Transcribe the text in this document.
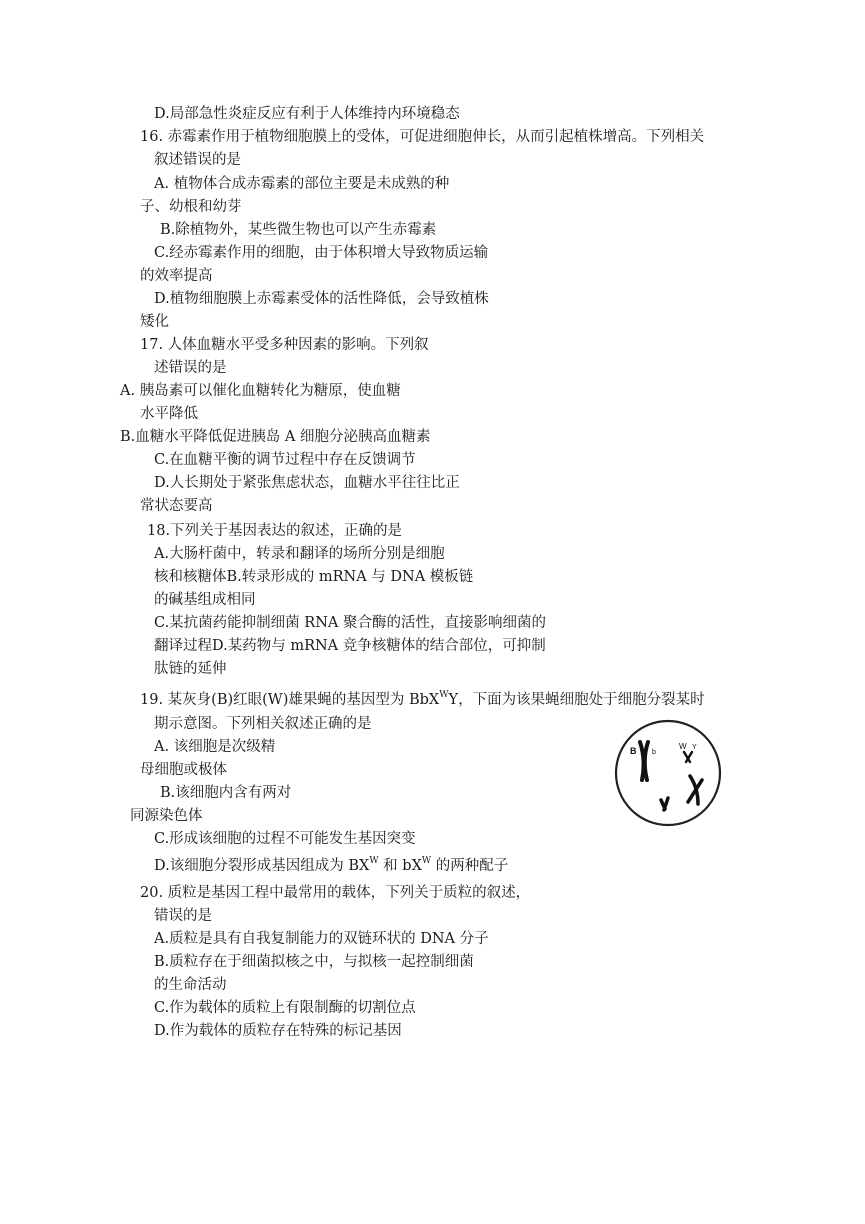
D.局部急性炎症反应有利于人体维持内环境稳态
16. 赤霉素作用于植物细胞膜上的受体，可促进细胞伸长，从而引起植株增高。下列相关
叙述错误的是
A. 植物体合成赤霉素的部位主要是未成熟的种
子、幼根和幼芽
B.除植物外，某些微生物也可以产生赤霉素
C.经赤霉素作用的细胞，由于体积增大导致物质运输
的效率提高
D.植物细胞膜上赤霉素受体的活性降低，会导致植株
矮化
17. 人体血糖水平受多种因素的影响。下列叙
述错误的是
A. 胰岛素可以催化血糖转化为糖原，使血糖
水平降低
B.血糖水平降低促进胰岛 A 细胞分泌胰高血糖素
C.在血糖平衡的调节过程中存在反馈调节
D.人长期处于紧张焦虑状态，血糖水平往往比正
常状态要高
18.下列关于基因表达的叙述，正确的是
A.大肠杆菌中，转录和翻译的场所分别是细胞
核和核糖体B.转录形成的 mRNA 与 DNA 模板链
的碱基组成相同
C.某抗菌药能抑制细菌 RNA 聚合酶的活性，直接影响细菌的
翻译过程D.某药物与 mRNA 竞争核糖体的结合部位，可抑制
肽链的延伸
19. 某灰身(B)红眼(W)雄果蝇的基因型为 BbX$^W$Y，下面为该果蝇细胞处于细胞分裂某时
期示意图。下列相关叙述正确的是
A. 该细胞是次级精
母细胞或极体
B.该细胞内含有两对
同源染色体
C.形成该细胞的过程不可能发生基因突变
D.该细胞分裂形成基因组成为 $BX^W$ 和 $bX^W$ 的两种配子
B b
W Y
20. 质粒是基因工程中最常用的载体，下列关于质粒的叙述，
错误的是
A.质粒是具有自我复制能力的双链环状的 DNA 分子
B.质粒存在于细菌拟核之中，与拟核一起控制细菌
的生命活动
C.作为载体的质粒上有限制酶的切割位点
D.作为载体的质粒存在特殊的标记基因
